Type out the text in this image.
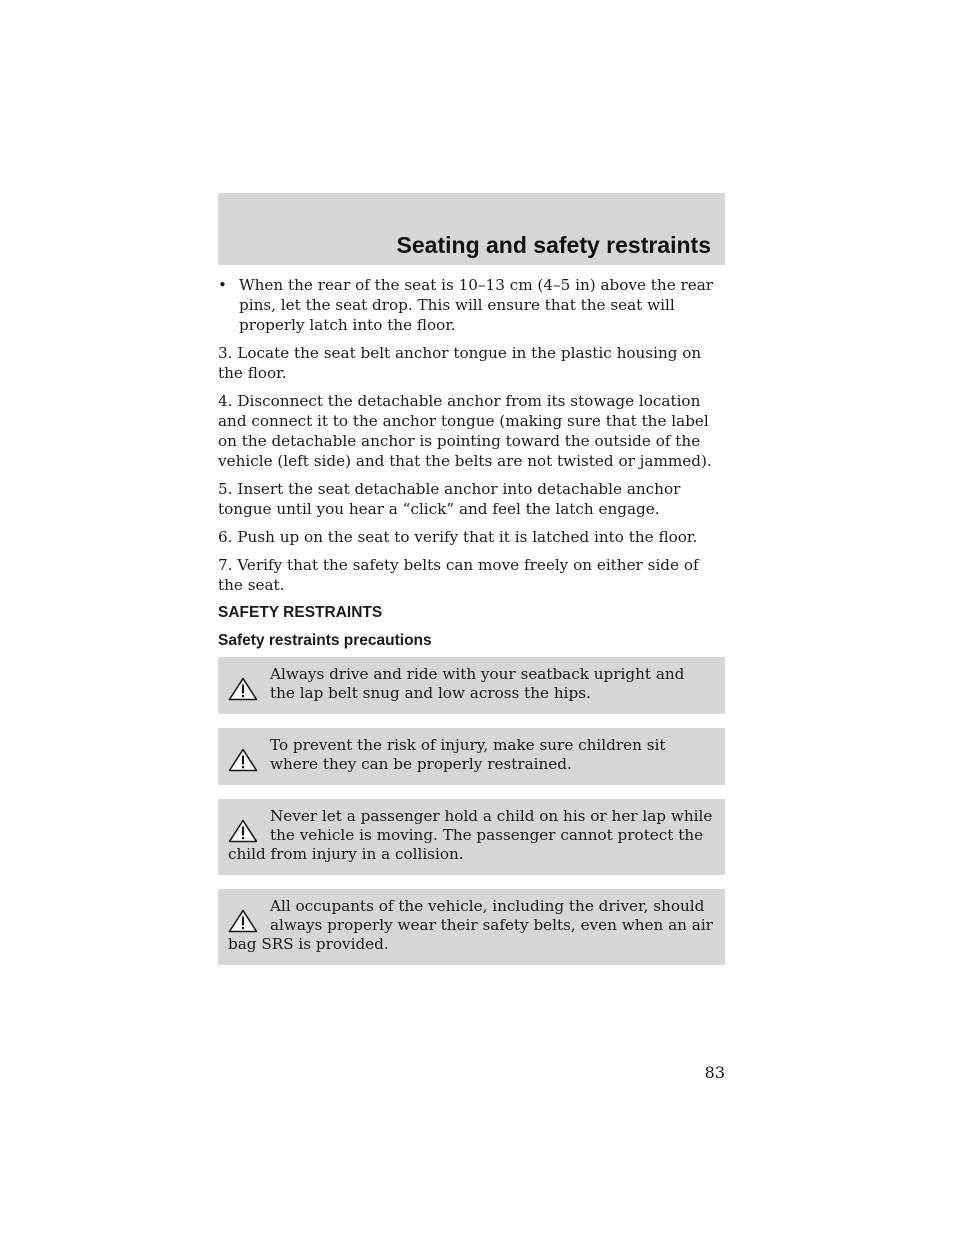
Seating and safety restraints
• When the rear of the seat is 10–13 cm (4–5 in) above the rear pins, let the seat drop. This will ensure that the seat will properly latch into the floor.

3. Locate the seat belt anchor tongue in the plastic housing on the floor.

4. Disconnect the detachable anchor from its stowage location and connect it to the anchor tongue (making sure that the label on the detachable anchor is pointing toward the outside of the vehicle (left side) and that the belts are not twisted or jammed).

5. Insert the seat detachable anchor into detachable anchor tongue until you hear a “click” and feel the latch engage.

6. Push up on the seat to verify that it is latched into the floor.

7. Verify that the safety belts can move freely on either side of the seat.

SAFETY RESTRAINTS
Safety restraints precautions
Always drive and ride with your seatback upright and the lap belt snug and low across the hips.
To prevent the risk of injury, make sure children sit where they can be properly restrained.
Never let a passenger hold a child on his or her lap while the vehicle is moving. The passenger cannot protect the child from injury in a collision.
All occupants of the vehicle, including the driver, should always properly wear their safety belts, even when an air bag SRS is provided.
83
